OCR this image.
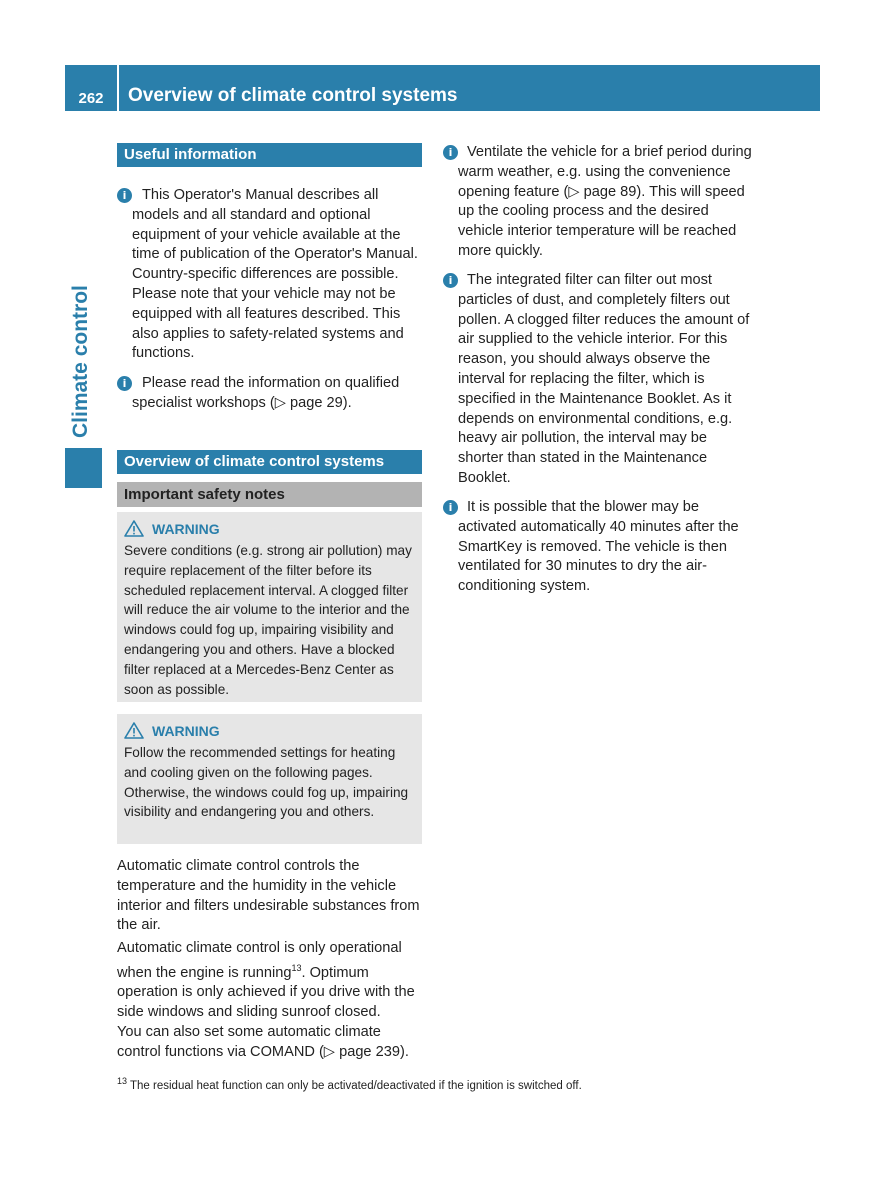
262	Overview of climate control systems
Climate control
Useful information
i	This Operator's Manual describes all models and all standard and optional equipment of your vehicle available at the time of publication of the Operator's Manual. Country-specific differences are possible. Please note that your vehicle may not be equipped with all features described. This also applies to safety-related systems and functions.
i	Please read the information on qualified specialist workshops (▷ page 29).
Overview of climate control systems
Important safety notes
WARNING
Severe conditions (e.g. strong air pollution) may require replacement of the filter before its scheduled replacement interval. A clogged filter will reduce the air volume to the interior and the windows could fog up, impairing visibility and endangering you and others. Have a blocked filter replaced at a Mercedes-Benz Center as soon as possible.
WARNING
Follow the recommended settings for heating and cooling given on the following pages. Otherwise, the windows could fog up, impairing visibility and endangering you and others.
Automatic climate control controls the temperature and the humidity in the vehicle interior and filters undesirable substances from the air.
Automatic climate control is only operational when the engine is running$^{13}$. Optimum operation is only achieved if you drive with the side windows and sliding sunroof closed.
You can also set some automatic climate control functions via COMAND (▷ page 239).
i	Ventilate the vehicle for a brief period during warm weather, e.g. using the convenience opening feature (▷ page 89). This will speed up the cooling process and the desired vehicle interior temperature will be reached more quickly.
i	The integrated filter can filter out most particles of dust, and completely filters out pollen. A clogged filter reduces the amount of air supplied to the vehicle interior. For this reason, you should always observe the interval for replacing the filter, which is specified in the Maintenance Booklet. As it depends on environmental conditions, e.g. heavy air pollution, the interval may be shorter than stated in the Maintenance Booklet.
i	It is possible that the blower may be activated automatically 40 minutes after the SmartKey is removed. The vehicle is then ventilated for 30 minutes to dry the air-conditioning system.
$^{13}$ The residual heat function can only be activated/deactivated if the ignition is switched off.
